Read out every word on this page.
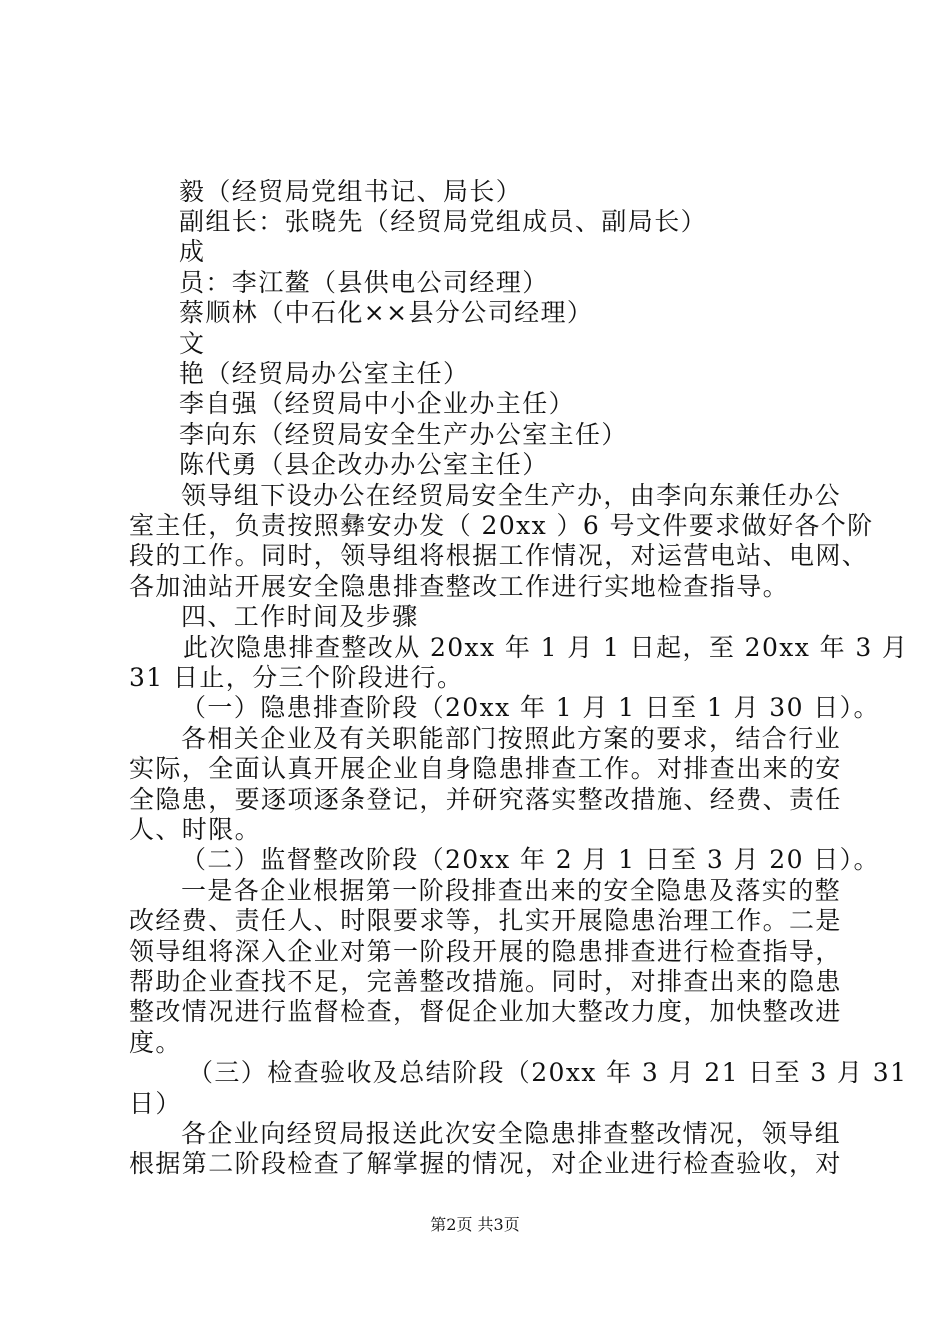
毅（经贸局党组书记、局长）
副组长：张晓先（经贸局党组成员、副局长）
成
员：李江鳌（县供电公司经理）
蔡顺林（中石化××县分公司经理）
文
艳（经贸局办公室主任）
李自强（经贸局中小企业办主任）
李向东（经贸局安全生产办公室主任）
陈代勇（县企改办办公室主任）
领导组下设办公在经贸局安全生产办，由李向东兼任办公
室主任，负责按照彝安办发（ 20xx ）6 号文件要求做好各个阶
段的工作。同时，领导组将根据工作情况，对运营电站、电网、
各加油站开展安全隐患排查整改工作进行实地检查指导。
四、工作时间及步骤
此次隐患排查整改从 20xx 年 1 月 1 日起，至 20xx 年 3 月
31 日止，分三个阶段进行。
（一）隐患排查阶段（20xx 年 1 月 1 日至 1 月 30 日）。
各相关企业及有关职能部门按照此方案的要求，结合行业
实际，全面认真开展企业自身隐患排查工作。对排查出来的安
全隐患，要逐项逐条登记，并研究落实整改措施、经费、责任
人、时限。
（二）监督整改阶段（20xx 年 2 月 1 日至 3 月 20 日）。
一是各企业根据第一阶段排查出来的安全隐患及落实的整
改经费、责任人、时限要求等，扎实开展隐患治理工作。二是
领导组将深入企业对第一阶段开展的隐患排查进行检查指导，
帮助企业查找不足，完善整改措施。同时，对排查出来的隐患
整改情况进行监督检查，督促企业加大整改力度，加快整改进
度。
（三）检查验收及总结阶段（20xx 年 3 月 21 日至 3 月 31
日）
各企业向经贸局报送此次安全隐患排查整改情况，领导组
根据第二阶段检查了解掌握的情况，对企业进行检查验收，对
第2页 共3页
